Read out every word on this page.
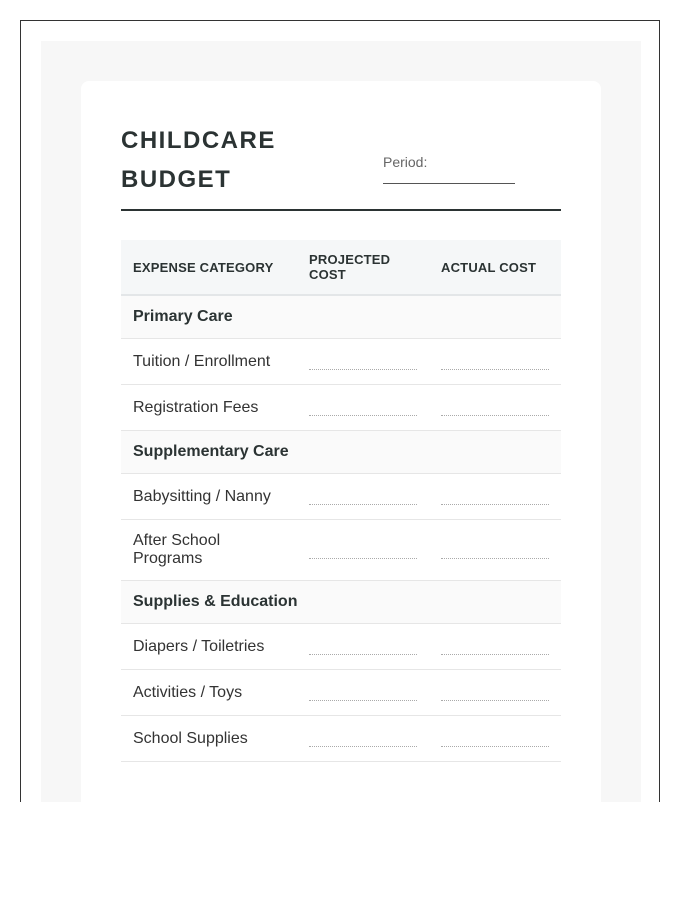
CHILDCARE BUDGET
Period:
EXPENSE CATEGORY	PROJECTED COST	ACTUAL COST
Primary Care		
Tuition / Enrollment	

Registration Fees	

Supplementary Care		
Babysitting / Nanny	

After School Programs	

Supplies & Education		
Diapers / Toiletries	

Activities / Toys	

School Supplies	
